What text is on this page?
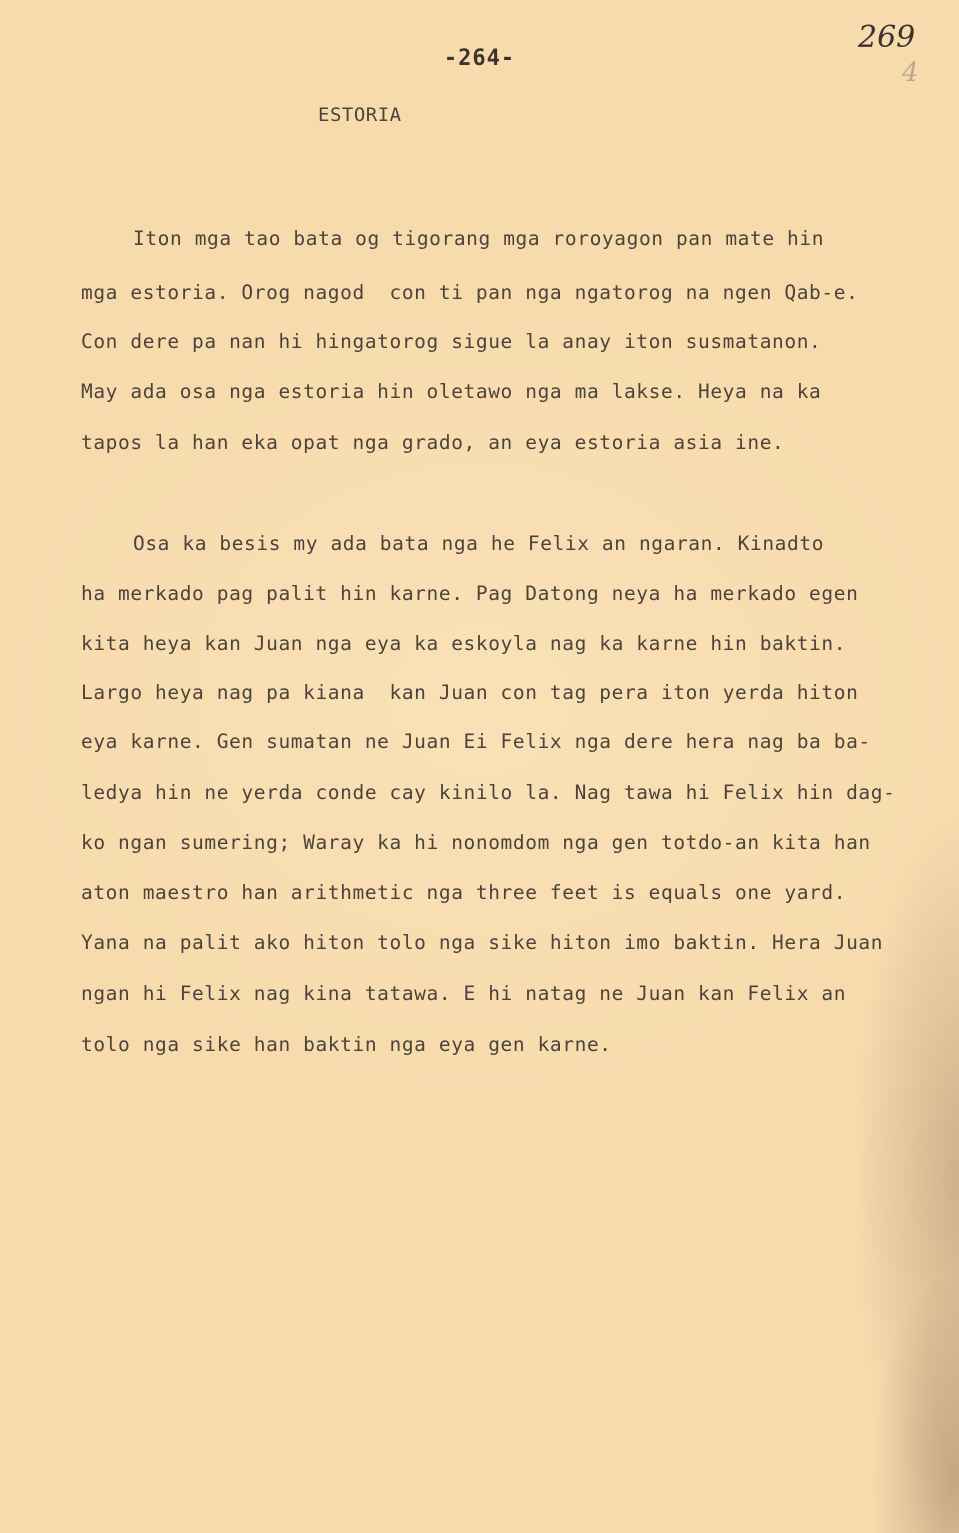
-264-
269
4
ESTORIA
Iton mga tao bata og tigorang mga roroyagon pan mate hin
mga estoria. Orog nagod  con ti pan nga ngatorog na ngen Qab-e.
Con dere pa nan hi hingatorog sigue la anay iton susmatanon.
May ada osa nga estoria hin oletawo nga ma lakse. Heya na ka
tapos la han eka opat nga grado, an eya estoria asia ine.
Osa ka besis my ada bata nga he Felix an ngaran. Kinadto
ha merkado pag palit hin karne. Pag Datong neya ha merkado egen
kita heya kan Juan nga eya ka eskoyla nag ka karne hin baktin.
Largo heya nag pa kiana  kan Juan con tag pera iton yerda hiton
eya karne. Gen sumatan ne Juan Ei Felix nga dere hera nag ba ba-
ledya hin ne yerda conde cay kinilo la. Nag tawa hi Felix hin dag-
ko ngan sumering; Waray ka hi nonomdom nga gen totdo-an kita han
aton maestro han arithmetic nga three feet is equals one yard.
Yana na palit ako hiton tolo nga sike hiton imo baktin. Hera Juan
ngan hi Felix nag kina tatawa. E hi natag ne Juan kan Felix an
tolo nga sike han baktin nga eya gen karne.
